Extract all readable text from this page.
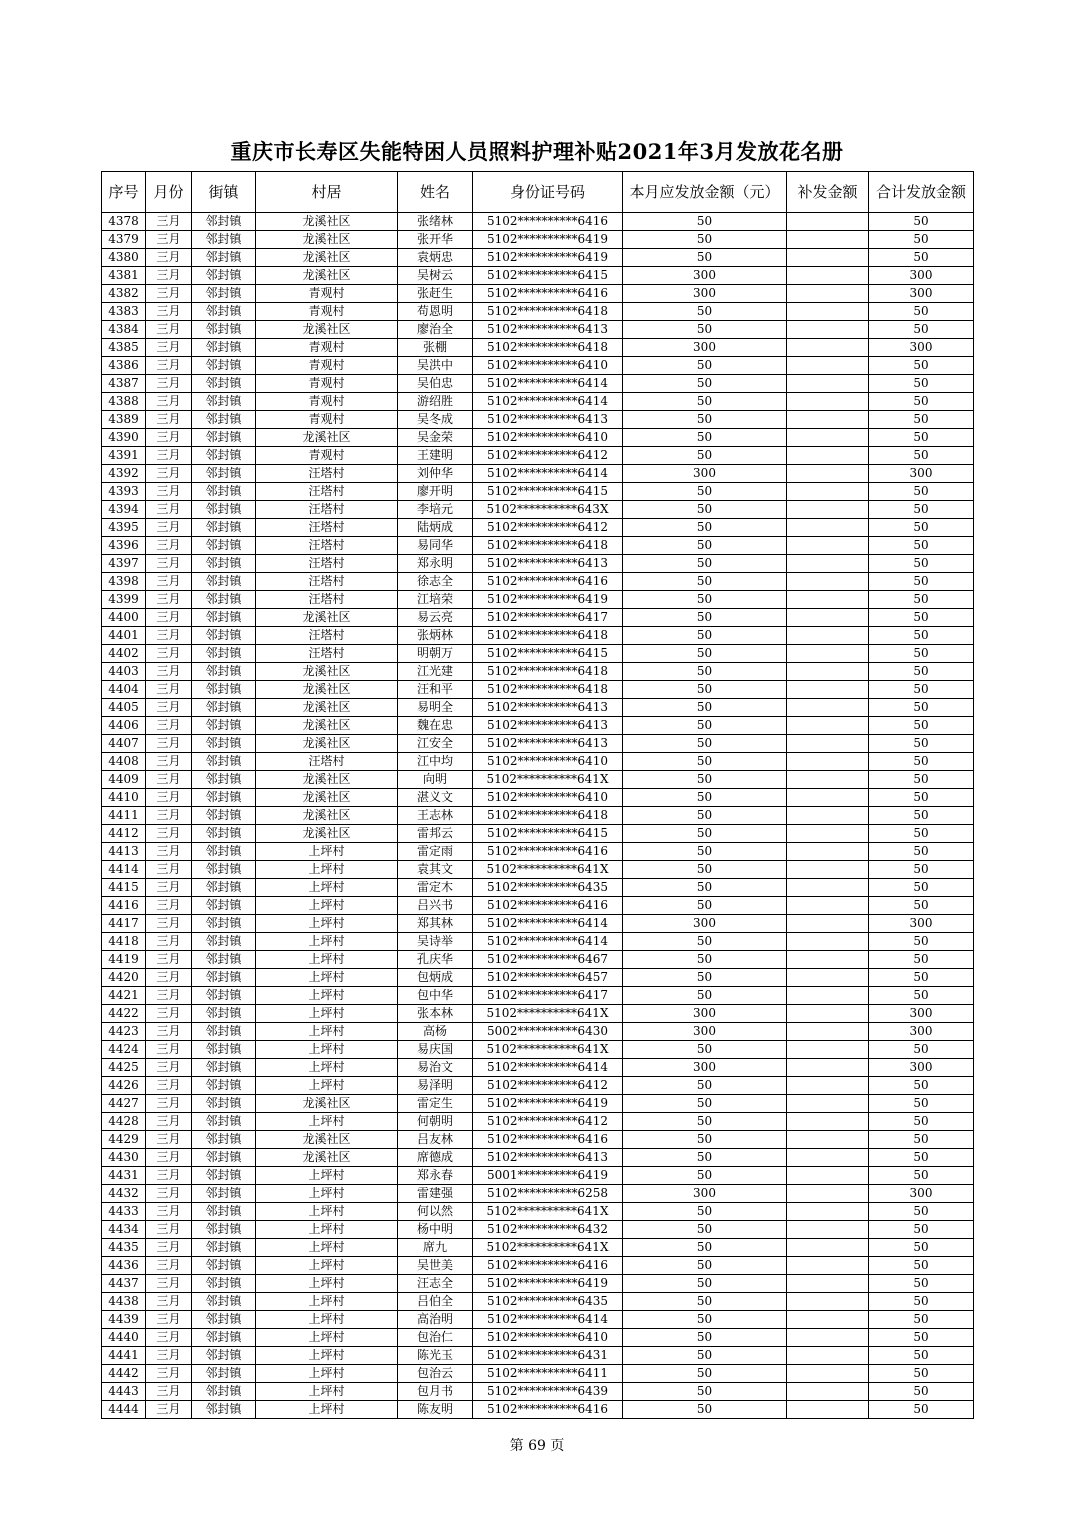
重庆市长寿区失能特困人员照料护理补贴2021年3月发放花名册
序号	月份	街镇	村居	姓名	身份证号码	本月应发放金额（元）	补发金额	合计发放金额
4378	三月	邻封镇	龙溪社区	张绪林	5102**********6416	50		50
4379	三月	邻封镇	龙溪社区	张开华	5102**********6419	50		50
4380	三月	邻封镇	龙溪社区	袁炳忠	5102**********6419	50		50
4381	三月	邻封镇	龙溪社区	吴树云	5102**********6415	300		300
4382	三月	邻封镇	青观村	张赶生	5102**********6416	300		300
4383	三月	邻封镇	青观村	苟恩明	5102**********6418	50		50
4384	三月	邻封镇	龙溪社区	廖治全	5102**********6413	50		50
4385	三月	邻封镇	青观村	张棚	5102**********6418	300		300
4386	三月	邻封镇	青观村	吴洪中	5102**********6410	50		50
4387	三月	邻封镇	青观村	吴伯忠	5102**********6414	50		50
4388	三月	邻封镇	青观村	游绍胜	5102**********6414	50		50
4389	三月	邻封镇	青观村	吴冬成	5102**********6413	50		50
4390	三月	邻封镇	龙溪社区	吴金荣	5102**********6410	50		50
4391	三月	邻封镇	青观村	王建明	5102**********6412	50		50
4392	三月	邻封镇	汪塔村	刘仲华	5102**********6414	300		300
4393	三月	邻封镇	汪塔村	廖开明	5102**********6415	50		50
4394	三月	邻封镇	汪塔村	李培元	5102**********643X	50		50
4395	三月	邻封镇	汪塔村	陆炳成	5102**********6412	50		50
4396	三月	邻封镇	汪塔村	易同华	5102**********6418	50		50
4397	三月	邻封镇	汪塔村	郑永明	5102**********6413	50		50
4398	三月	邻封镇	汪塔村	徐志全	5102**********6416	50		50
4399	三月	邻封镇	汪塔村	江培荣	5102**********6419	50		50
4400	三月	邻封镇	龙溪社区	易云亮	5102**********6417	50		50
4401	三月	邻封镇	汪塔村	张炳林	5102**********6418	50		50
4402	三月	邻封镇	汪塔村	明朝万	5102**********6415	50		50
4403	三月	邻封镇	龙溪社区	江光建	5102**********6418	50		50
4404	三月	邻封镇	龙溪社区	汪和平	5102**********6418	50		50
4405	三月	邻封镇	龙溪社区	易明全	5102**********6413	50		50
4406	三月	邻封镇	龙溪社区	魏在忠	5102**********6413	50		50
4407	三月	邻封镇	龙溪社区	江安全	5102**********6413	50		50
4408	三月	邻封镇	汪塔村	江中均	5102**********6410	50		50
4409	三月	邻封镇	龙溪社区	向明	5102**********641X	50		50
4410	三月	邻封镇	龙溪社区	湛义文	5102**********6410	50		50
4411	三月	邻封镇	龙溪社区	王志林	5102**********6418	50		50
4412	三月	邻封镇	龙溪社区	雷邦云	5102**********6415	50		50
4413	三月	邻封镇	上坪村	雷定雨	5102**********6416	50		50
4414	三月	邻封镇	上坪村	袁其文	5102**********641X	50		50
4415	三月	邻封镇	上坪村	雷定木	5102**********6435	50		50
4416	三月	邻封镇	上坪村	吕兴书	5102**********6416	50		50
4417	三月	邻封镇	上坪村	郑其林	5102**********6414	300		300
4418	三月	邻封镇	上坪村	吴诗举	5102**********6414	50		50
4419	三月	邻封镇	上坪村	孔庆华	5102**********6467	50		50
4420	三月	邻封镇	上坪村	包炳成	5102**********6457	50		50
4421	三月	邻封镇	上坪村	包中华	5102**********6417	50		50
4422	三月	邻封镇	上坪村	张本林	5102**********641X	300		300
4423	三月	邻封镇	上坪村	高杨	5002**********6430	300		300
4424	三月	邻封镇	上坪村	易庆国	5102**********641X	50		50
4425	三月	邻封镇	上坪村	易治文	5102**********6414	300		300
4426	三月	邻封镇	上坪村	易泽明	5102**********6412	50		50
4427	三月	邻封镇	龙溪社区	雷定生	5102**********6419	50		50
4428	三月	邻封镇	上坪村	何朝明	5102**********6412	50		50
4429	三月	邻封镇	龙溪社区	吕友林	5102**********6416	50		50
4430	三月	邻封镇	龙溪社区	席德成	5102**********6413	50		50
4431	三月	邻封镇	上坪村	郑永春	5001**********6419	50		50
4432	三月	邻封镇	上坪村	雷建强	5102**********6258	300		300
4433	三月	邻封镇	上坪村	何以然	5102**********641X	50		50
4434	三月	邻封镇	上坪村	杨中明	5102**********6432	50		50
4435	三月	邻封镇	上坪村	席九	5102**********641X	50		50
4436	三月	邻封镇	上坪村	吴世美	5102**********6416	50		50
4437	三月	邻封镇	上坪村	汪志全	5102**********6419	50		50
4438	三月	邻封镇	上坪村	吕伯全	5102**********6435	50		50
4439	三月	邻封镇	上坪村	高治明	5102**********6414	50		50
4440	三月	邻封镇	上坪村	包治仁	5102**********6410	50		50
4441	三月	邻封镇	上坪村	陈光玉	5102**********6431	50		50
4442	三月	邻封镇	上坪村	包治云	5102**********6411	50		50
4443	三月	邻封镇	上坪村	包月书	5102**********6439	50		50
4444	三月	邻封镇	上坪村	陈友明	5102**********6416	50		50
第 69 页
